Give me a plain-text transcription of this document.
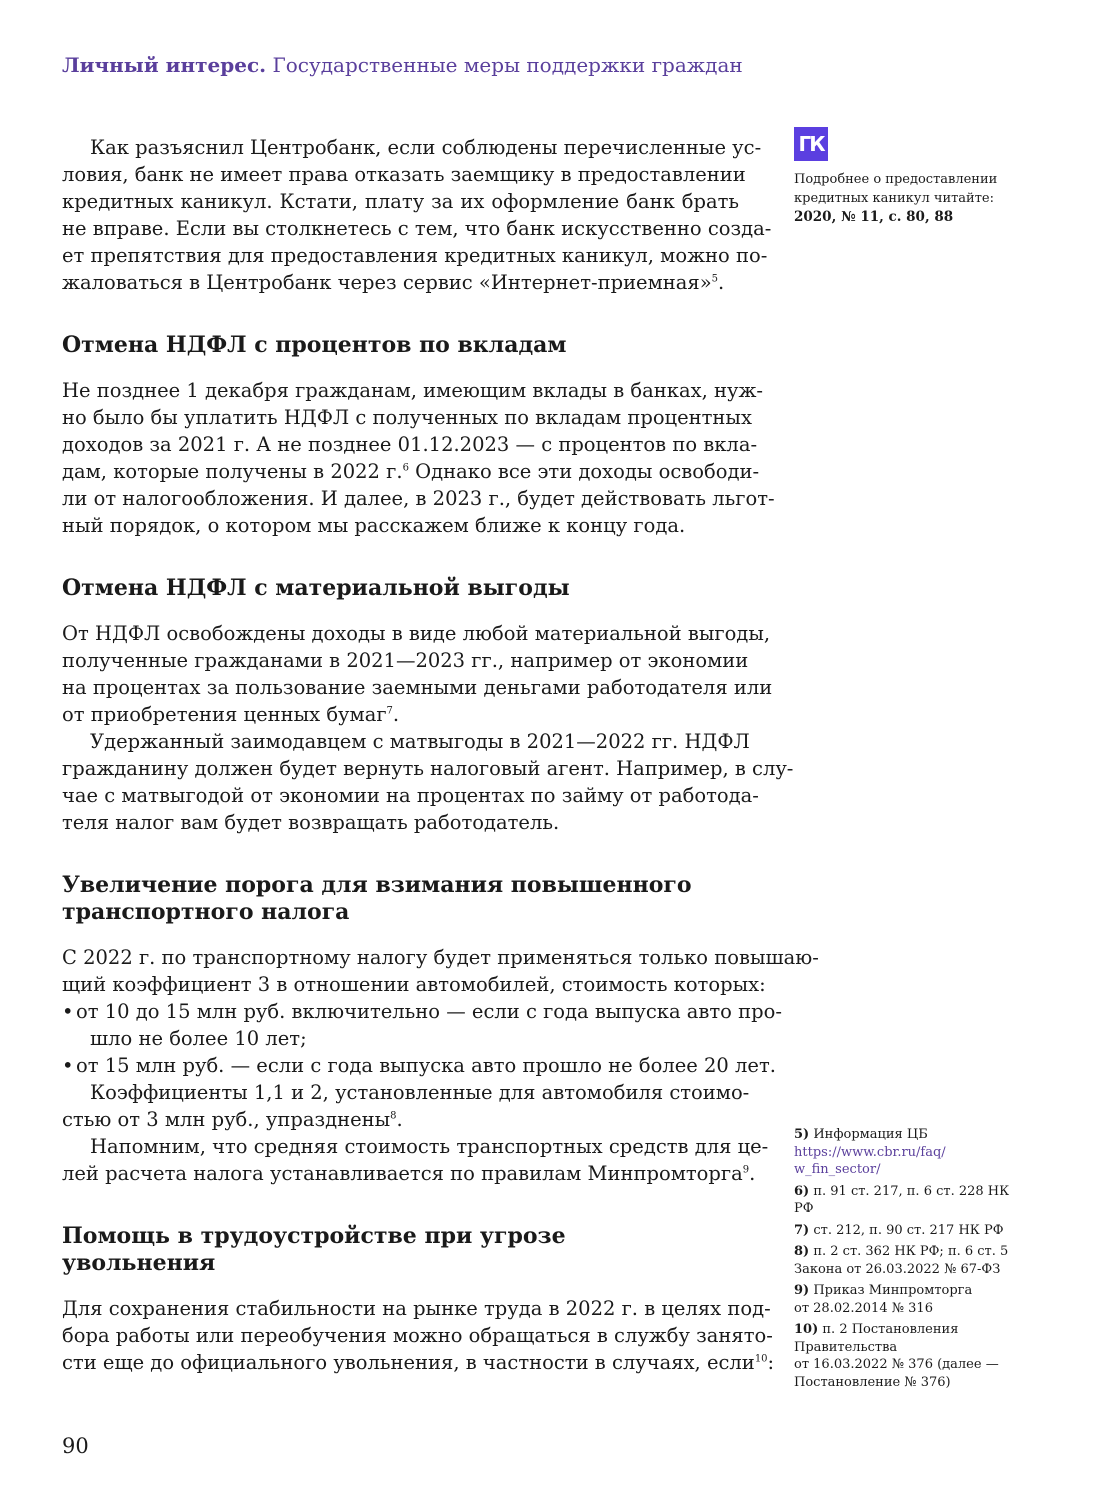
Личный интерес. Государственные меры поддержки граждан
Как разъяснил Центробанк, если соблюдены перечисленные ус-
ловия, банк не имеет права отказать заемщику в предоставлении
кредитных каникул. Кстати, плату за их оформление банк брать
не вправе. Если вы столкнетесь с тем, что банк искусственно созда-
ет препятствия для предоставления кредитных каникул, можно по-
жаловаться в Центробанк через сервис «Интернет-приемная»$^5$.
Отмена НДФЛ с процентов по вкладам
Не позднее 1 декабря гражданам, имеющим вклады в банках, нуж-
но было бы уплатить НДФЛ с полученных по вкладам процентных
доходов за 2021 г. А не позднее 01.12.2023 — с процентов по вкла-
дам, которые получены в 2022 г.$^6$ Однако все эти доходы освободи-
ли от налогообложения. И далее, в 2023 г., будет действовать льгот-
ный порядок, о котором мы расскажем ближе к концу года.
Отмена НДФЛ с материальной выгоды
От НДФЛ освобождены доходы в виде любой материальной выгоды,
полученные гражданами в 2021—2023 гг., например от экономии
на процентах за пользование заемными деньгами работодателя или
от приобретения ценных бумаг$^7$.
Удержанный заимодавцем с матвыгоды в 2021—2022 гг. НДФЛ
гражданину должен будет вернуть налоговый агент. Например, в слу-
чае с матвыгодой от экономии на процентах по займу от работода-
теля налог вам будет возвращать работодатель.
Увеличение порога для взимания повышенного
транспортного налога
С 2022 г. по транспортному налогу будет применяться только повышаю-
щий коэффициент 3 в отношении автомобилей, стоимость которых:
• от 10 до 15 млн руб. включительно — если с года выпуска авто про-
шло не более 10 лет;
• от 15 млн руб. — если с года выпуска авто прошло не более 20 лет.
Коэффициенты 1,1 и 2, установленные для автомобиля стоимо-
стью от 3 млн руб., упразднены$^8$.
Напомним, что средняя стоимость транспортных средств для це-
лей расчета налога устанавливается по правилам Минпромторга$^9$.
Помощь в трудоустройстве при угрозе
увольнения
Для сохранения стабильности на рынке труда в 2022 г. в целях под-
бора работы или переобучения можно обращаться в службу занято-
сти еще до официального увольнения, в частности в случаях, если$^{10}$:
ГК
Подробнее о предоставлении
кредитных каникул читайте:
2020, № 11, с. 80, 88
5) Информация ЦБ
https://www.cbr.ru/faq/
w_fin_sector/
6) п. 91 ст. 217, п. 6 ст. 228 НК РФ
7) ст. 212, п. 90 ст. 217 НК РФ
8) п. 2 ст. 362 НК РФ; п. 6 ст. 5
Закона от 26.03.2022 № 67-ФЗ
9) Приказ Минпромторга
от 28.02.2014 № 316
10) п. 2 Постановления
Правительства
от 16.03.2022 № 376 (далее —
Постановление № 376)
90
